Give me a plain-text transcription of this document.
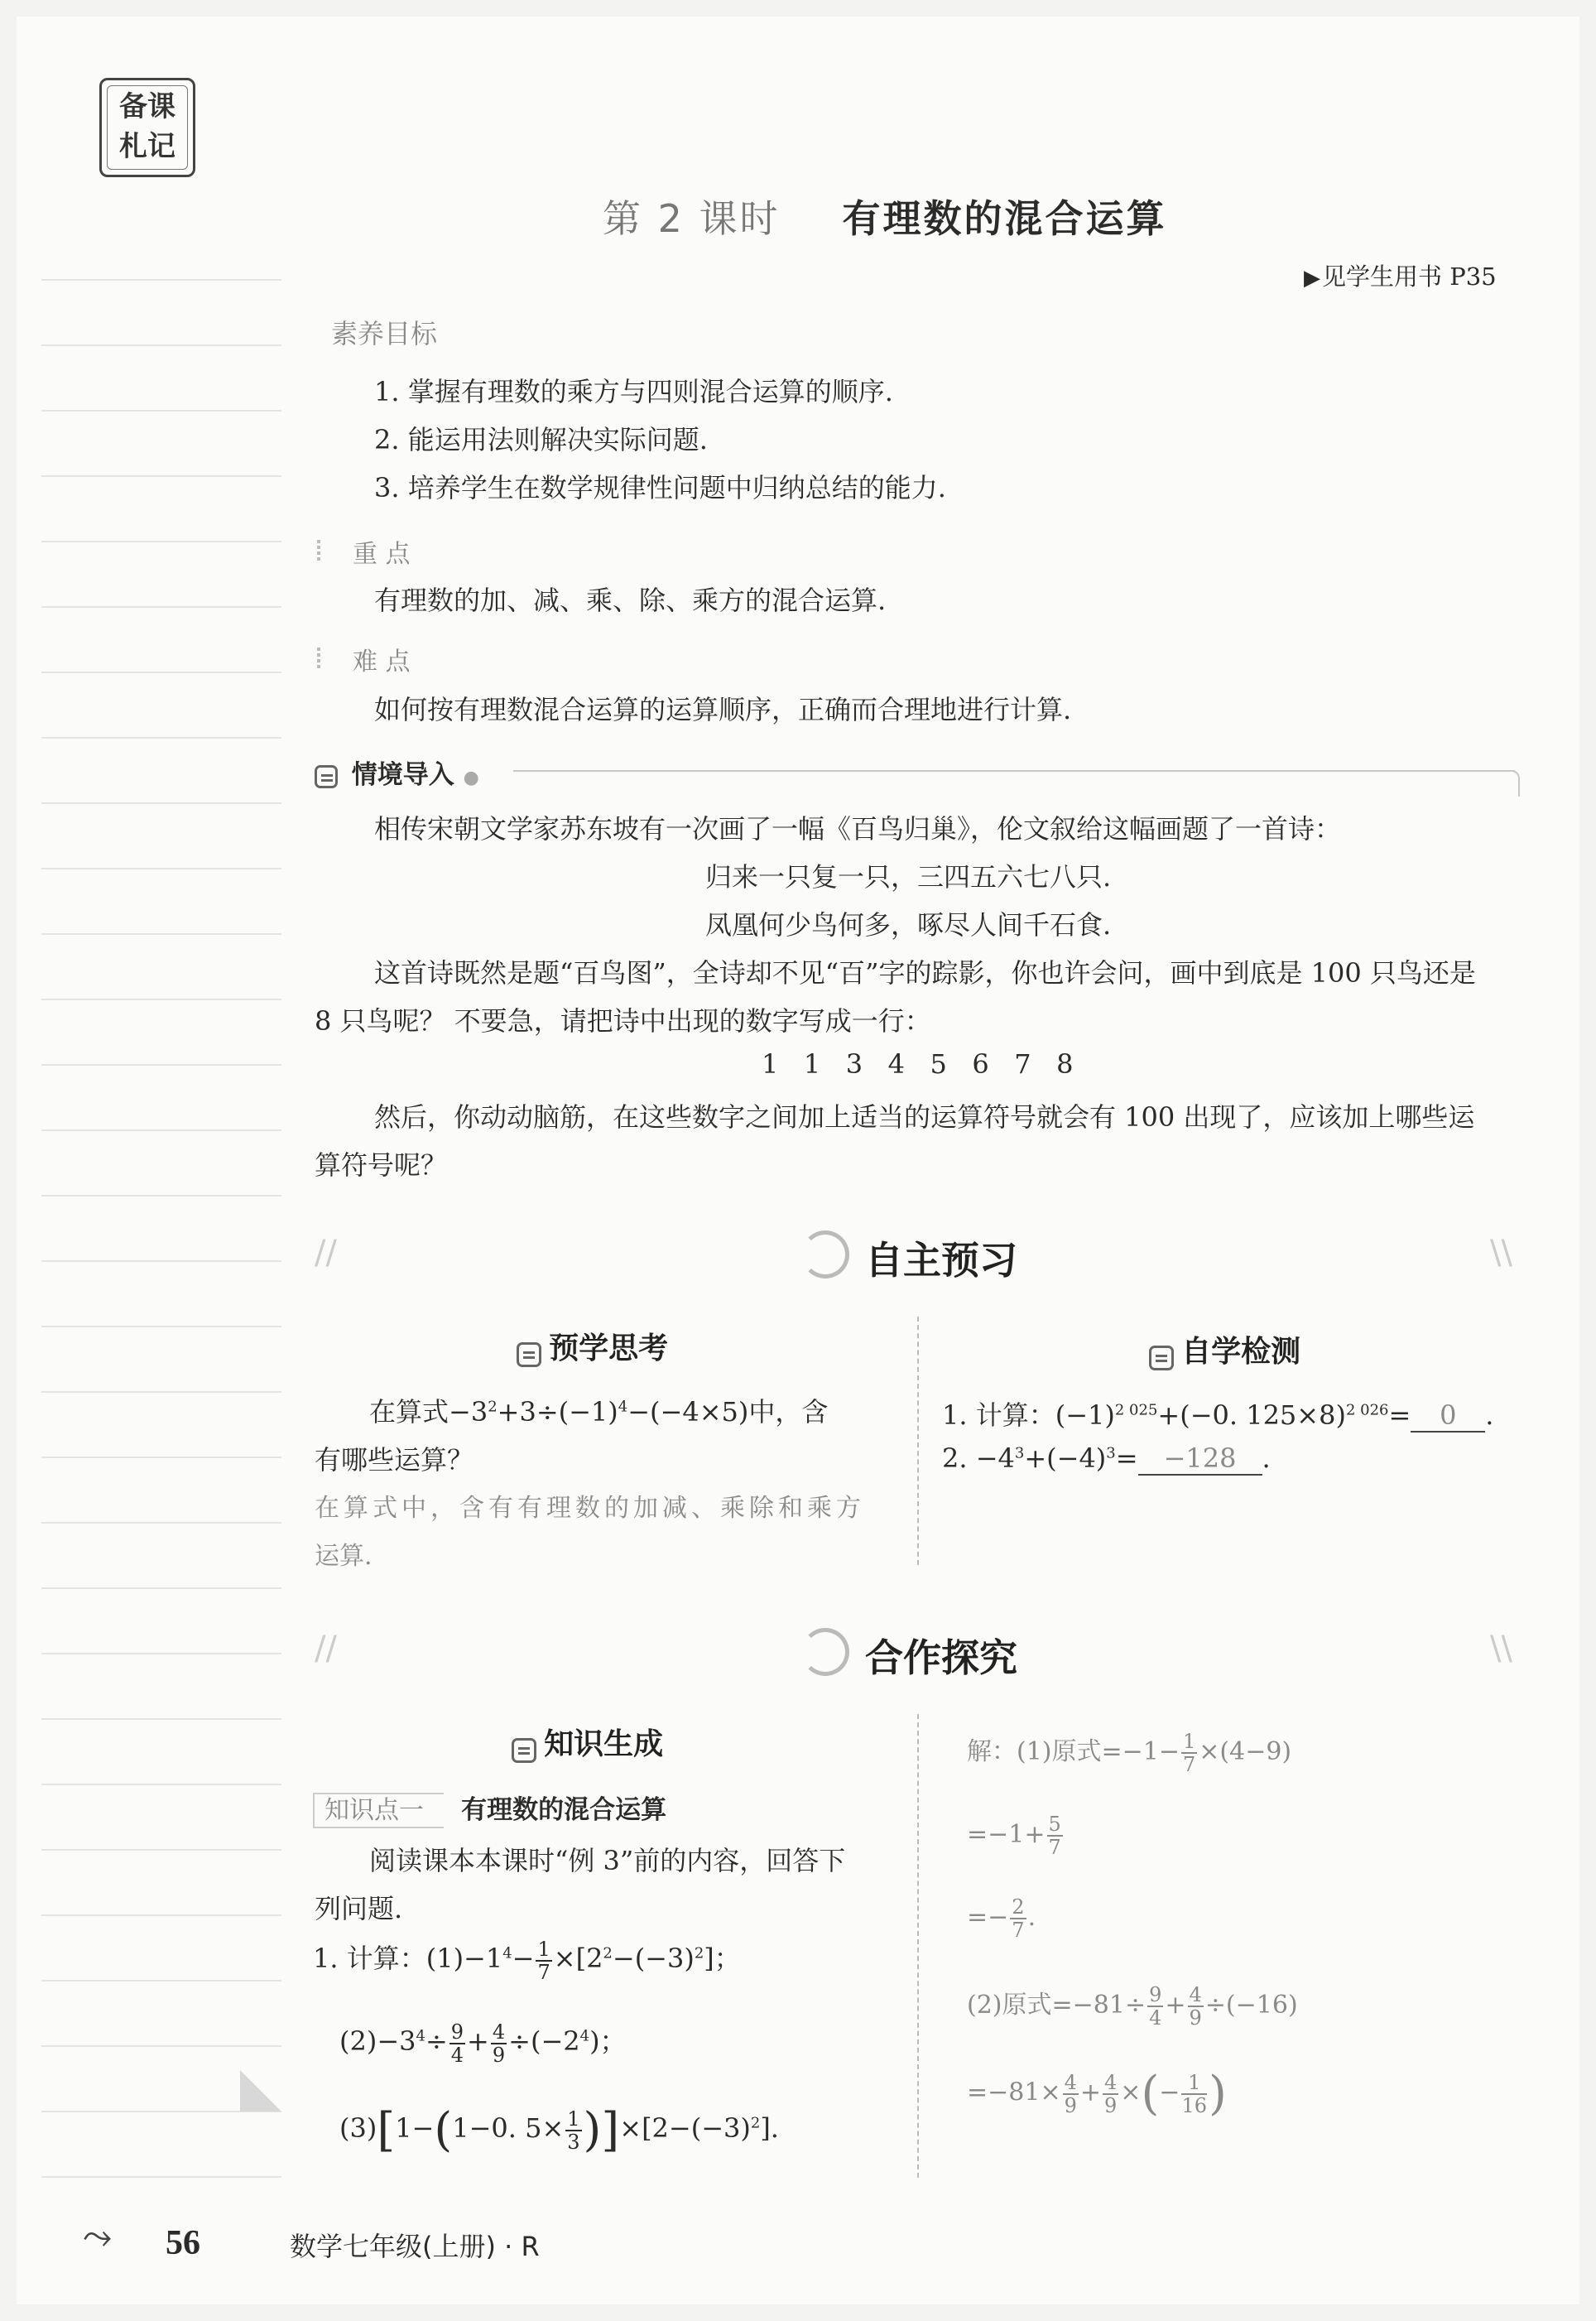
备课
札记
第 2 课时 有理数的混合运算
▶ 见学生用书 P35
素养目标
1. 掌握有理数的乘方与四则混合运算的顺序.
2. 能运用法则解决实际问题.
3. 培养学生在数学规律性问题中归纳总结的能力.
重 点
有理数的加、减、乘、除、乘方的混合运算.
难 点
如何按有理数混合运算的运算顺序，正确而合理地进行计算.
情境导入 ●
相传宋朝文学家苏东坡有一次画了一幅《百鸟归巢》，伦文叙给这幅画题了一首诗：
归来一只复一只，三四五六七八只.
凤凰何少鸟何多，啄尽人间千石食.
这首诗既然是题“百鸟图”，全诗却不见“百”字的踪影，你也许会问，画中到底是 100 只鸟还是
8 只鸟呢？ 不要急，请把诗中出现的数字写成一行：
1   1   3   4   5   6   7   8
然后，你动动脑筋，在这些数字之间加上适当的运算符号就会有 100 出现了，应该加上哪些运
算符号呢？
//	\\
自主预习
预学思考
在算式$-3^2+3\div(-1)^4-(-4\times 5)$中，含
有哪些运算？
在算式中，含有有理数的加减、乘除和乘方
运算.
自学检测
1. 计算：$(-1)^{2 025}+(-0$. 125×8)$^{2 026}$= 0 .
2. $-4^3+(-4)^3= -128$ .
//	\\
合作探究
知识生成
知识点一 有理数的混合运算
阅读课本本课时“例 3”前的内容，回答下
列问题.
1. 计算：$(1)-1^4- \frac{1}{7} \times[2^2-(-3)^2]$；
$(2)-3^4\div \frac{9}{4} + \frac{4}{9} \div(-2^4)$；
(3)[1−(1−0. $5\times \frac{1}{3} )]\times[2-(-3)^2]$.
解：(1)原式$=-1- \frac{1}{7} \times(4-9)$
$=-1+ \frac{5}{7}$
=− $\frac{2}{7}$ .
(2)原式$=-81\div \frac{9}{4} + \frac{4}{9} \div(-16)$
$=-81\times \frac{4}{9} + \frac{4}{9}$ ×(− $\frac{1}{16}$ )
⤳ 56	数学七年级(上册) · R
